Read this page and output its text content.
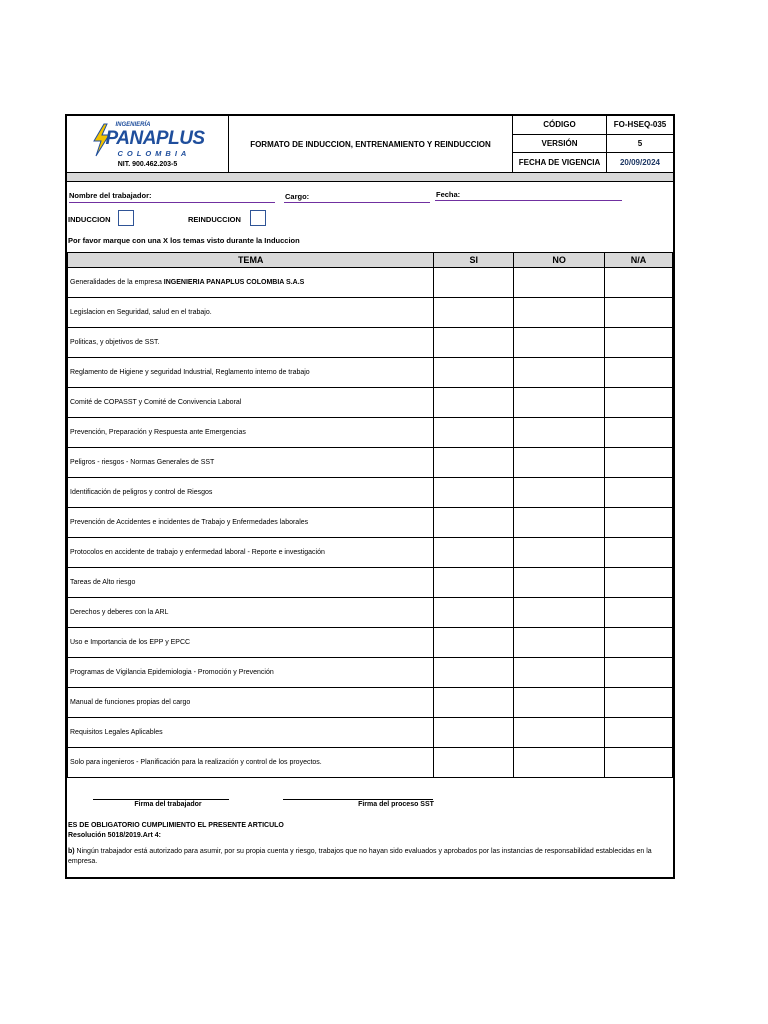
INGENIERÍA
PANAPLUS
COLOMBIA
NIT. 900.462.203-5
FORMATO DE INDUCCION, ENTRENAMIENTO Y REINDUCCION
CÓDIGO	FO-HSEQ-035
VERSIÓN	5
FECHA DE VIGENCIA	20/09/2024
Nombre del trabajador:	Cargo:	Fecha:
INDUCCION	REINDUCCION
Por favor marque con una X los temas visto durante la Induccion
TEMA	SI	NO	N/A
Generalidades de la empresa INGENIERIA PANAPLUS COLOMBIA S.A.S			
Legislacion en Seguridad, salud en el trabajo.			
Politicas, y objetivos de SST.			
Reglamento de Higiene y seguridad Industrial, Reglamento interno de trabajo			
Comité de COPASST y Comité de Convivencia Laboral			
Prevención, Preparación y Respuesta ante Emergencias			
Peligros - riesgos - Normas Generales de SST			
Identificación de peligros y control de Riesgos			
Prevención de Accidentes e incidentes de Trabajo y Enfermedades laborales			
Protocolos en accidente de trabajo y enfermedad laboral - Reporte e investigación			
Tareas de Alto riesgo			
Derechos y deberes con la ARL			
Uso e Importancia de los EPP y EPCC			
Programas de Vigilancia Epidemiologia - Promoción y Prevención			
Manual de funciones propias del cargo			
Requisitos Legales Aplicables			
Solo para ingenieros - Planificación para la realización y control de los proyectos.			
Firma del trabajador	Firma del proceso SST
ES DE OBLIGATORIO CUMPLIMIENTO EL PRESENTE ARTICULO
Resolución 5018/2019.Art 4:
b) Ningún trabajador está autorizado para asumir, por su propia cuenta y riesgo, trabajos que no hayan sido evaluados y aprobados por las instancias de responsabilidad establecidas en la empresa.
